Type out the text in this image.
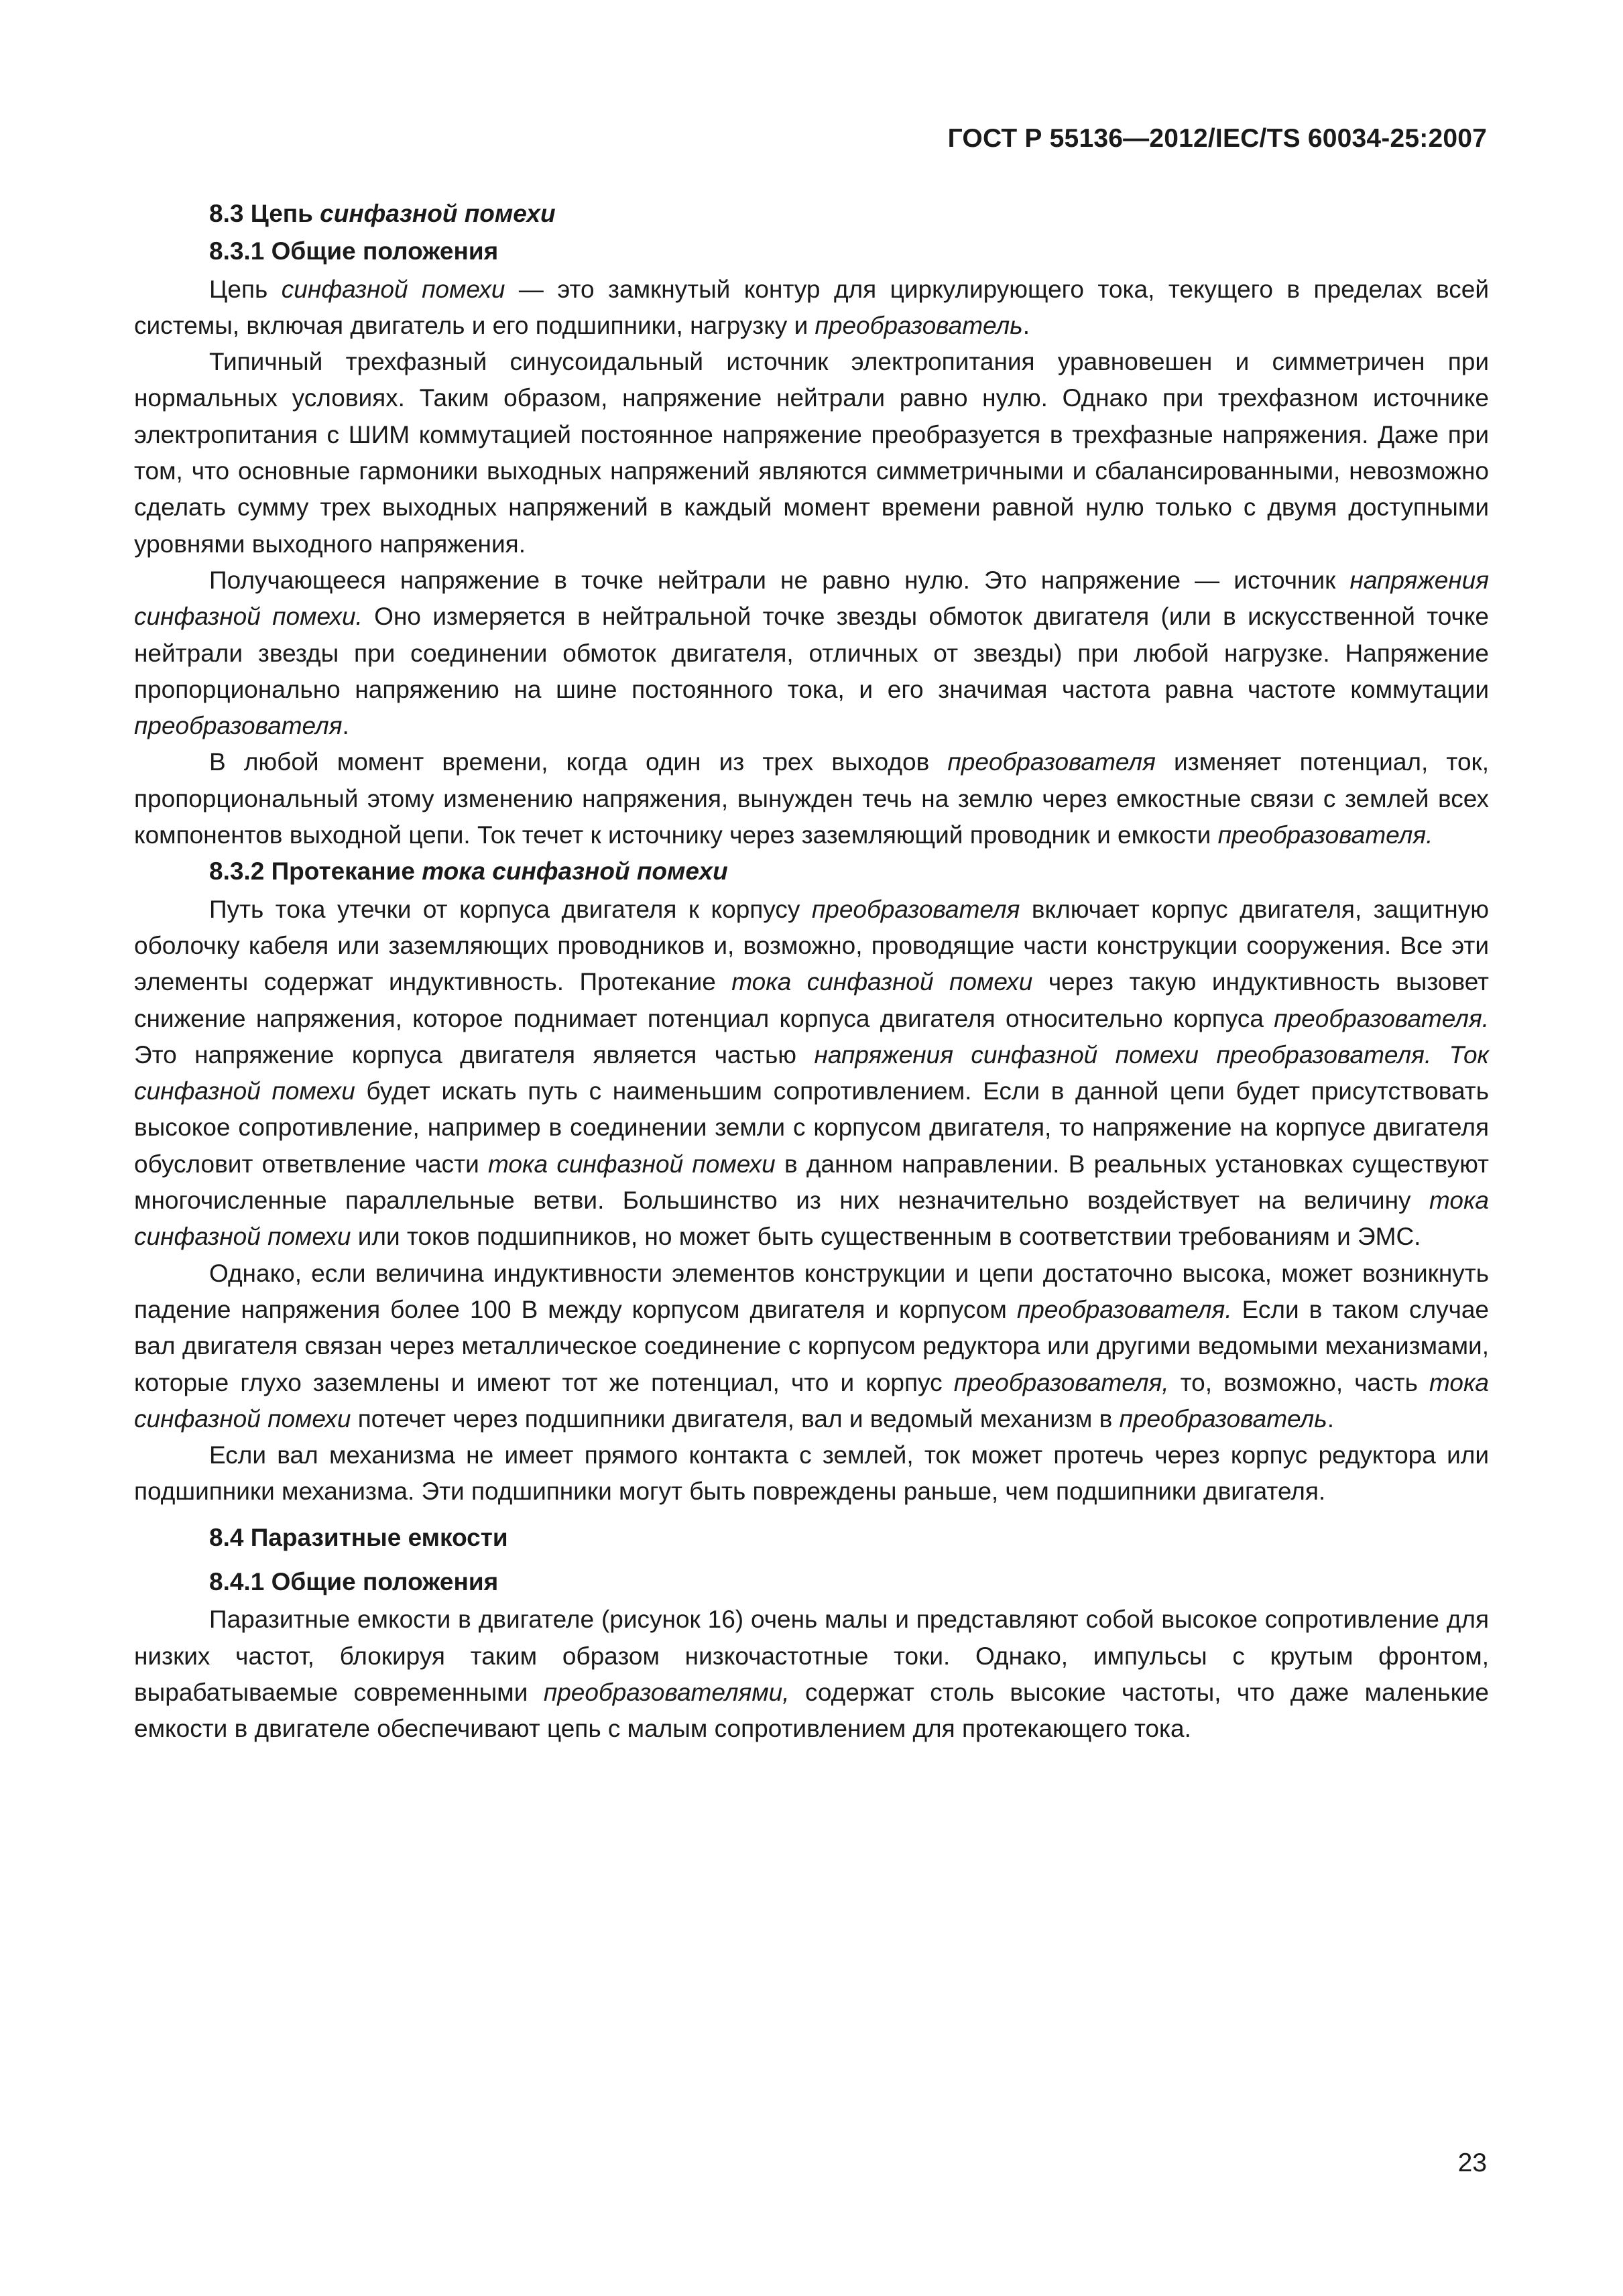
ГОСТ Р 55136—2012/IEC/TS 60034-25:2007
8.3 Цепь синфазной помехи
8.3.1 Общие положения

Цепь синфазной помехи — это замкнутый контур для циркулирующего тока, текущего в пределах всей системы, включая двигатель и его подшипники, нагрузку и преобразователь.

Типичный трехфазный синусоидальный источник электропитания уравновешен и симметричен при нормальных условиях. Таким образом, напряжение нейтрали равно нулю. Однако при трехфазном источнике электропитания с ШИМ коммутацией постоянное напряжение преобразуется в трехфазные напряжения. Даже при том, что основные гармоники выходных напряжений являются симметричными и сбалансированными, невозможно сделать сумму трех выходных напряжений в каждый момент времени равной нулю только с двумя доступными уровнями выходного напряжения.

Получающееся напряжение в точке нейтрали не равно нулю. Это напряжение — источник напряжения синфазной помехи. Оно измеряется в нейтральной точке звезды обмоток двигателя (или в искусственной точке нейтрали звезды при соединении обмоток двигателя, отличных от звезды) при любой нагрузке. Напряжение пропорционально напряжению на шине постоянного тока, и его значимая частота равна частоте коммутации преобразователя.

В любой момент времени, когда один из трех выходов преобразователя изменяет потенциал, ток, пропорциональный этому изменению напряжения, вынужден течь на землю через емкостные связи с землей всех компонентов выходной цепи. Ток течет к источнику через заземляющий проводник и емкости преобразователя.

8.3.2 Протекание тока синфазной помехи

Путь тока утечки от корпуса двигателя к корпусу преобразователя включает корпус двигателя, защитную оболочку кабеля или заземляющих проводников и, возможно, проводящие части конструкции сооружения. Все эти элементы содержат индуктивность. Протекание тока синфазной помехи через такую индуктивность вызовет снижение напряжения, которое поднимает потенциал корпуса двигателя относительно корпуса преобразователя. Это напряжение корпуса двигателя является частью напряжения синфазной помехи преобразователя. Ток синфазной помехи будет искать путь с наименьшим сопротивлением. Если в данной цепи будет присутствовать высокое сопротивление, например в соединении земли с корпусом двигателя, то напряжение на корпусе двигателя обусловит ответвление части тока синфазной помехи в данном направлении. В реальных установках существуют многочисленные параллельные ветви. Большинство из них незначительно воздействует на величину тока синфазной помехи или токов подшипников, но может быть существенным в соответствии требованиям и ЭМС.

Однако, если величина индуктивности элементов конструкции и цепи достаточно высока, может возникнуть падение напряжения более 100 В между корпусом двигателя и корпусом преобразователя. Если в таком случае вал двигателя связан через металлическое соединение с корпусом редуктора или другими ведомыми механизмами, которые глухо заземлены и имеют тот же потенциал, что и корпус преобразователя, то, возможно, часть тока синфазной помехи потечет через подшипники двигателя, вал и ведомый механизм в преобразователь.

Если вал механизма не имеет прямого контакта с землей, ток может протечь через корпус редуктора или подшипники механизма. Эти подшипники могут быть повреждены раньше, чем подшипники двигателя.

8.4 Паразитные емкости
8.4.1 Общие положения

Паразитные емкости в двигателе (рисунок 16) очень малы и представляют собой высокое сопротивление для низких частот, блокируя таким образом низкочастотные токи. Однако, импульсы с крутым фронтом, вырабатываемые современными преобразователями, содержат столь высокие частоты, что даже маленькие емкости в двигателе обеспечивают цепь с малым сопротивлением для протекающего тока.

23
